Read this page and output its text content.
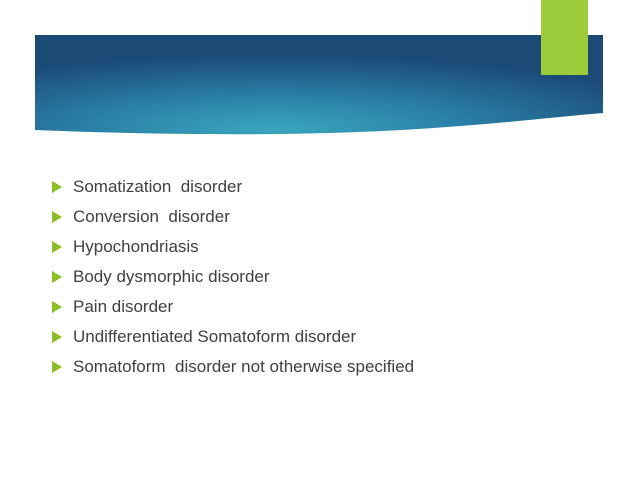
Somatization  disorder
Conversion  disorder
Hypochondriasis
Body dysmorphic disorder
Pain disorder
Undifferentiated Somatoform disorder
Somatoform  disorder not otherwise specified
